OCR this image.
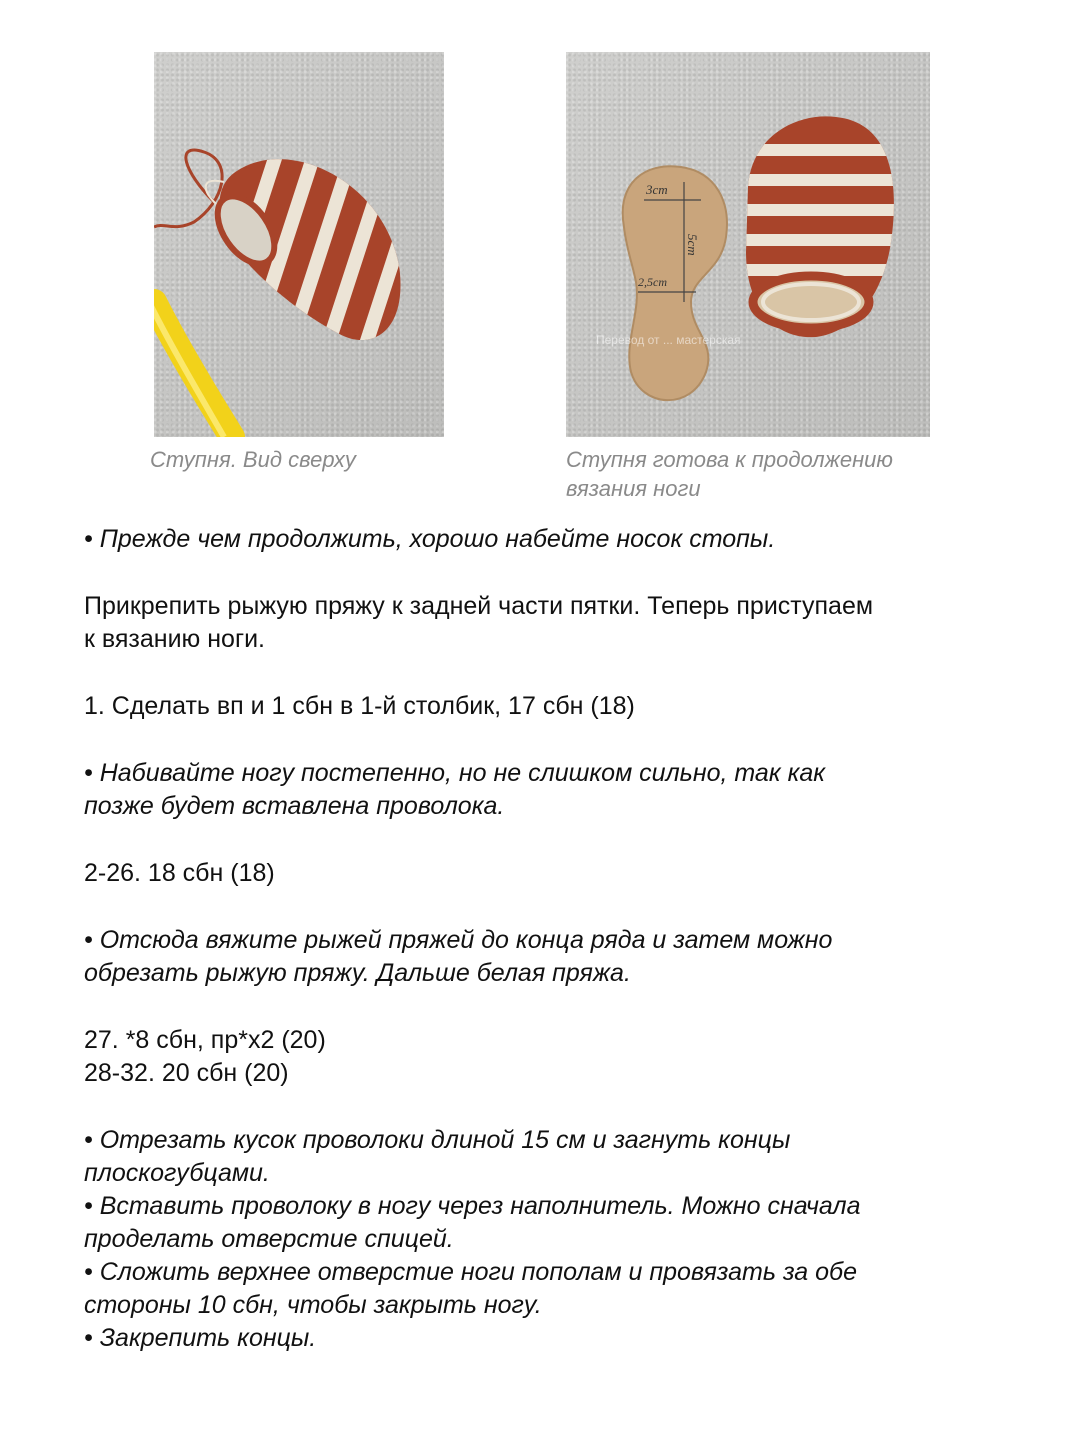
Ступня. Вид сверху
3cm
5cm
2,5cm
Перевод от ... мастерская
Ступня готова к продолжению
вязания ноги

• Прежде чем продолжить, хорошо набейте носок стопы.

Прикрепить рыжую пряжу к задней части пятки. Теперь приступаем
к вязанию ноги.

1. Сделать вп и 1 сбн в 1-й столбик, 17 сбн (18)

• Набивайте ногу постепенно, но не слишком сильно, так как
позже будет вставлена проволока.

2-26. 18 сбн (18)

• Отсюда вяжите рыжей пряжей до конца ряда и затем можно
обрезать рыжую пряжу. Дальше белая пряжа.

27. *8 сбн, пр*x2 (20)
28-32. 20 сбн (20)

• Отрезать кусок проволоки длиной 15 см и загнуть концы
плоскогубцами.
• Вставить проволоку в ногу через наполнитель. Можно сначала
проделать отверстие спицей.
• Сложить верхнее отверстие ноги пополам и провязать за обе
стороны 10 сбн, чтобы закрыть ногу.
• Закрепить концы.
